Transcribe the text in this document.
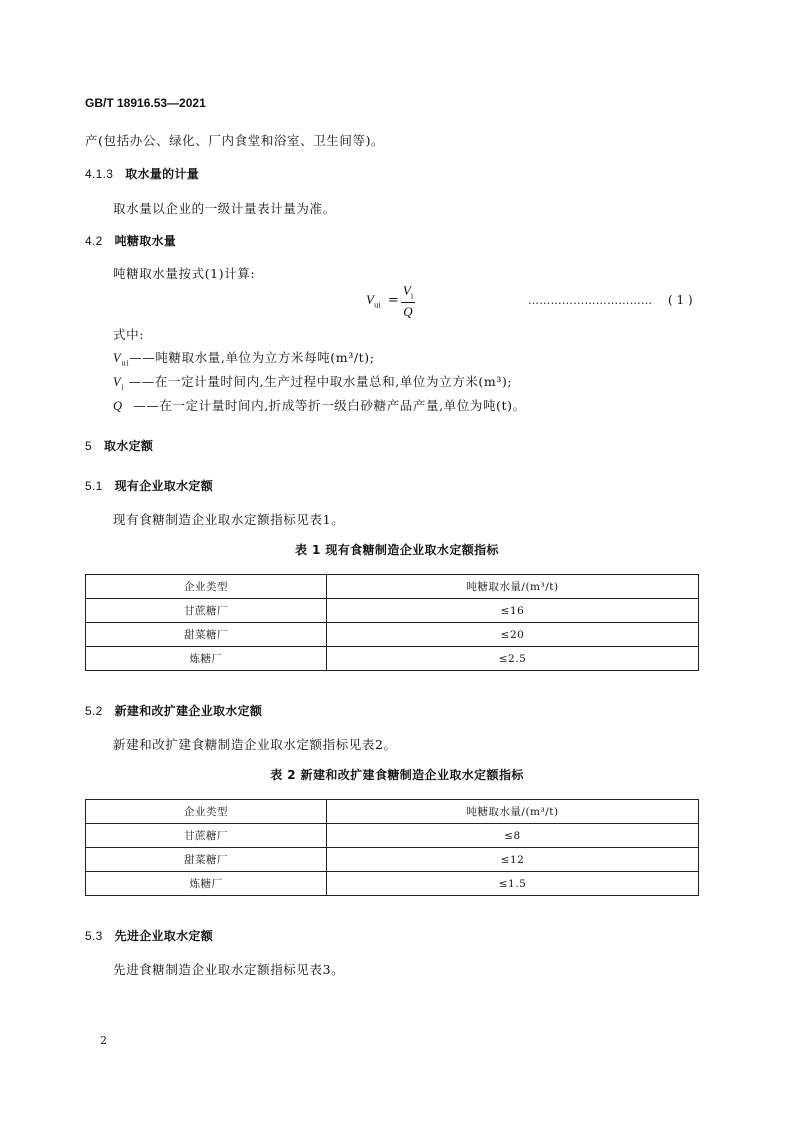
GB/T 18916.53—2021
产(包括办公、绿化、厂内食堂和浴室、卫生间等)。
4.1.3 取水量的计量
取水量以企业的一级计量表计量为准。
4.2 吨糖取水量
吨糖取水量按式(1)计算:
$V_{ui}$ =
$V_i$
Q
…………………………… ( 1 )
式中:
$V_{ui}——$吨糖取水量,单位为立方米每吨(m³/t);
$V_i$ ——在一定计量时间内,生产过程中取水量总和,单位为立方米(m³);
Q ——在一定计量时间内,折成等折一级白砂糖产品产量,单位为吨(t)。
5 取水定额
5.1 现有企业取水定额
现有食糖制造企业取水定额指标见表1。
表 1 现有食糖制造企业取水定额指标
企业类型	吨糖取水量/(m³/t)
甘蔗糖厂	≤16
甜菜糖厂	≤20
炼糖厂	≤2.5
5.2 新建和改扩建企业取水定额
新建和改扩建食糖制造企业取水定额指标见表2。
表 2 新建和改扩建食糖制造企业取水定额指标
企业类型	吨糖取水量/(m³/t)
甘蔗糖厂	≤8
甜菜糖厂	≤12
炼糖厂	≤1.5
5.3 先进企业取水定额
先进食糖制造企业取水定额指标见表3。
2
